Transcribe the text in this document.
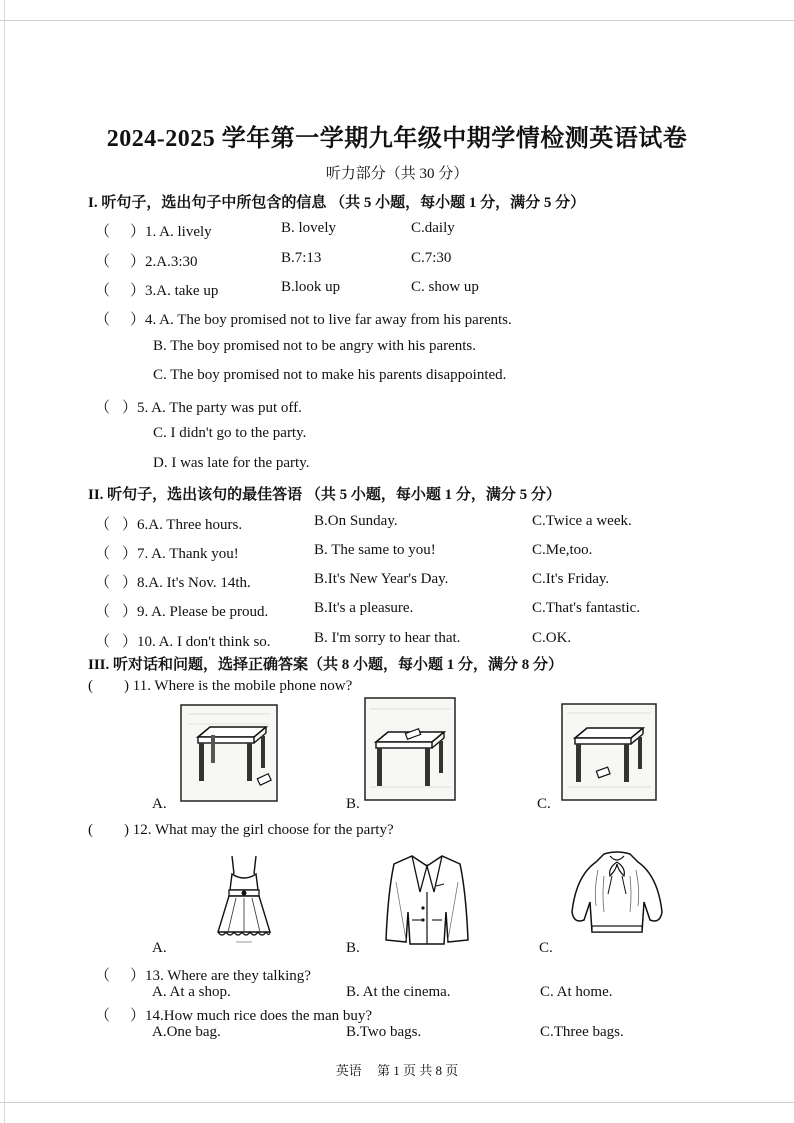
2024-2025 学年第一学期九年级中期学情检测英语试卷
听力部分（共 30 分）
I. 听句子，选出句子中所包含的信息 （共 5 小题，每小题 1 分，满分 5 分）
（ ）1. A. lively	B. lovely	C.daily
（ ）2.A.3:30	B.7:13	C.7:30
（ ）3.A. take up	B.look up	C. show up
（ ）4. A. The boy promised not to live far away from his parents.
B. The boy promised not to be angry with his parents.
C. The boy promised not to make his parents disappointed.
（ ）5. A. The party was put off.
C. I didn't go to the party.
D. I was late for the party.
II. 听句子，选出该句的最佳答语 （共 5 小题，每小题 1 分，满分 5 分）
（ ）6.A. Three hours.	B.On Sunday.	C.Twice a week.
（ ）7. A. Thank you!	B. The same to you!	C.Me,too.
（ ）8.A. It's Nov. 14th.	B.It's New Year's Day.	C.It's Friday.
（ ）9. A. Please be proud.	B.It's a pleasure.	C.That's fantastic.
（ ）10. A. I don't think so.	B. I'm sorry to hear that.	C.OK.
III. 听对话和问题，选择正确答案（共 8 小题，每小题 1 分，满分 8 分）
( ) 11. Where is the mobile phone now?
A.	B.	C.
( ) 12. What may the girl choose for the party?
A.	B.	C.
（ ）13. Where are they talking?
A. At a shop.	B. At the cinema.	C. At home.
（ ）14.How much rice does the man buy?
A.One bag.	B.Two bags.	C.Three bags.
英语 第 1 页 共 8 页
